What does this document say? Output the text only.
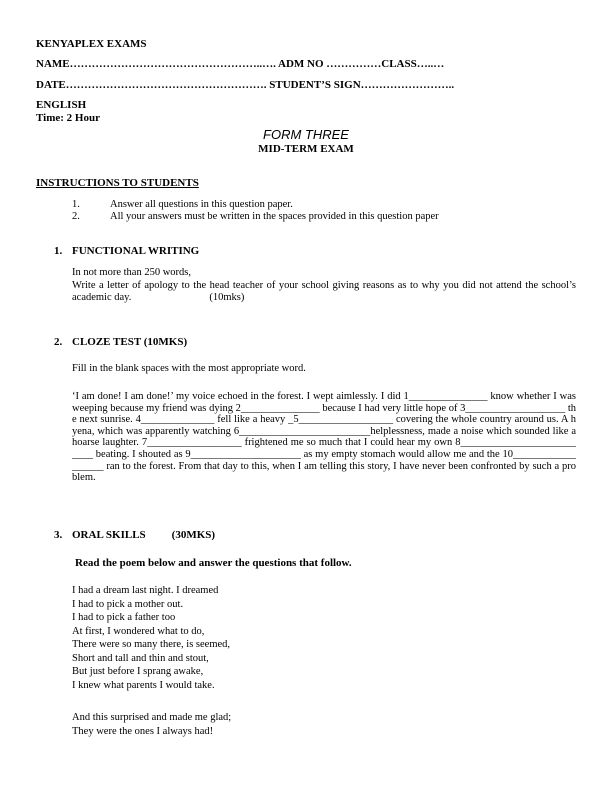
KENYAPLEX EXAMS
NAME……………………………………………..…. ADM NO ……………CLASS…..…
DATE………………………………………………. STUDENT’S SIGN……………………..
ENGLISH
Time: 2 Hour
FORM THREE
MID-TERM EXAM
INSTRUCTIONS TO STUDENTS
1.	Answer all questions in this question paper.
2.	All your answers must be written in the spaces provided in this question paper
1. FUNCTIONAL WRITING
In not more than 250 words,
Write a letter of apology to the head teacher of your school giving reasons as to why you did not attend the school’s academic day.	(10mks)
2. CLOZE TEST (10MKS)
Fill in the blank spaces with the most appropriate word.
‘I am done! I am done!’ my voice echoed in the forest. I wept aimlessly. I did 1_______________ know whether I was weeping because my friend was dying 2_______________ because I had very little hope of 3___________________ the next sunrise. 4______________ fell like a heavy _5__________________ covering the whole country around us. A hyena, which was apparently watching 6_________________________helplessness, made a noise which sounded like a hoarse laughter. 7__________________ frightened me so much that I could hear my own 8__________________________ beating. I shouted as 9_____________________ as my empty stomach would allow me and the 10__________________ ran to the forest. From that day to this, when I am telling this story, I have never been confronted by such a problem.
3. ORAL SKILLS (30MKS)
Read the poem below and answer the questions that follow.
I had a dream last night. I dreamed
I had to pick a mother out.
I had to pick a father too
At first, I wondered what to do,
There were so many there, is seemed,
Short and tall and thin and stout,
But just before I sprang awake,
I knew what parents I would take.
And this surprised and made me glad;
They were the ones I always had!
